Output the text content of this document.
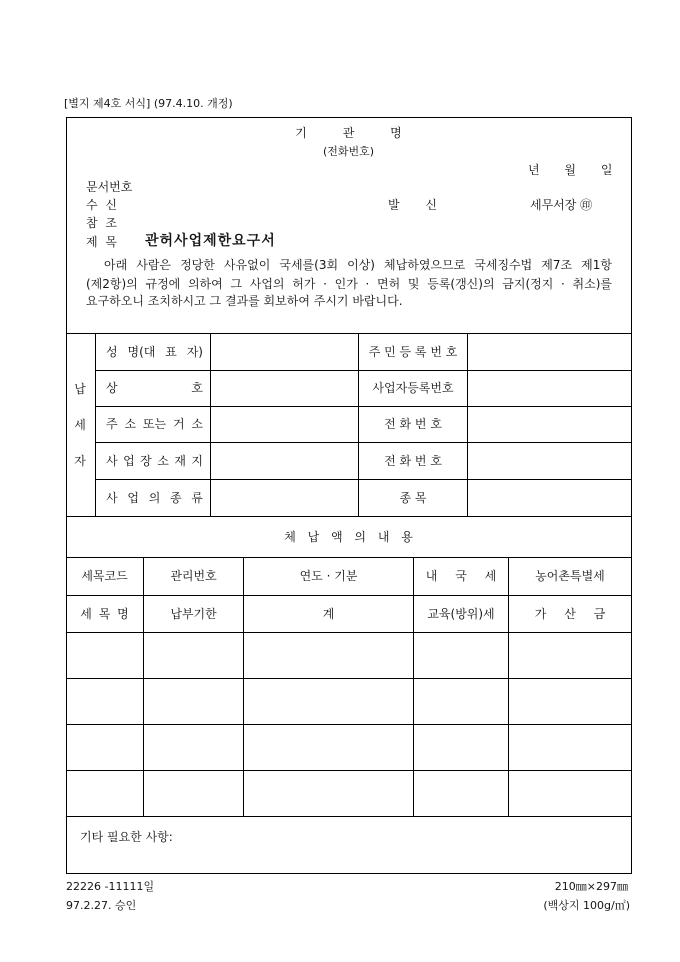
[별지 제4호 서식] (97.4.10. 개정)
기 관 명
(전화번호)
년 월 일
문서번호
수 신	발 신	세무서장 ㊞
참 조
제 목 관허사업제한요구서
아래 사람은 정당한 사유없이 국세를(3회 이상) 체납하였으므로 국세징수법 제7조 제1항
(제2항)의 규정에 의하여 그 사업의 허가 · 인가 · 면허 및 등록(갱신)의 금지(정지 · 취소)를
요구하오니 조치하시고 그 결과를 회보하여 주시기 바랍니다.
납
세
자
성 명(대 표 자)	주 민 등 록 번 호
상 호	사업자등록번호
주 소 또는 거 소	전 화 번 호
사 업 장 소 재 지	전 화 번 호
사 업 의 종 류	종 목
체 납 액 의 내 용
세목코드	관리번호	연도 · 기분	내 국 세	농어촌특별세
세 목 명	납부기한	계	교육(방위)세	가 산 금
기타 필요한 사항:
22226 -11111일
97.2.27. 승인
210㎜×297㎜
(백상지 100g/㎡)
